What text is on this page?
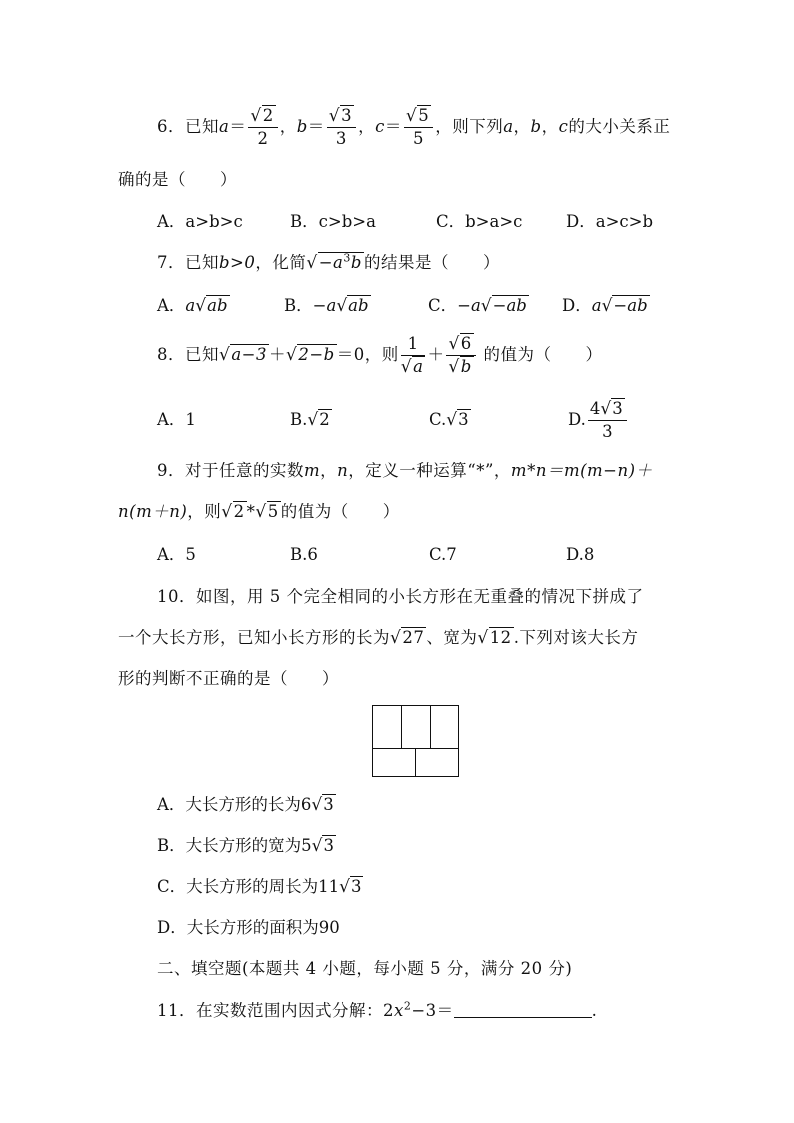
6．已知$a= \frac{√2}{2}$ ，$b= \frac{√3}{3}$ ，$c= \frac{√5}{5}$ ，则下列a，b，c的大小关系正
确的是（　　）
A．a>b>c	B．c>b>a	C．b>a>c	D．a>c>b
7．已知b>0，化简$√-a^3b$ 的结果是（　　）
A．a√ab	B．−a√ab	C．−a√−ab D．a√−ab
8．已知√a−3 ＋√2−b ＝0，则 $\frac{1}{√a} + \frac{√6}{√b}$ 的值为（　　）
A．1	B.√2	C.√3	D. $\frac{4√3}{3}$
9．对于任意的实数m，n，定义一种运算“*”，m*n＝m(m−n)＋
n(m＋n)，则√2 *√5 的值为（　　）
A．5	B.6	C.7	D.8
10．如图，用 5 个完全相同的小长方形在无重叠的情况下拼成了
一个大长方形，已知小长方形的长为√27 、宽为√12 .下列对该大长方
形的判断不正确的是（　　）
A．大长方形的长为6√3
B．大长方形的宽为5√3
C．大长方形的周长为11√3
D．大长方形的面积为90
二、填空题(本题共 4 小题，每小题 5 分，满分 20 分)
11．在实数范围内因式分解：$2x^2-3=$	.
